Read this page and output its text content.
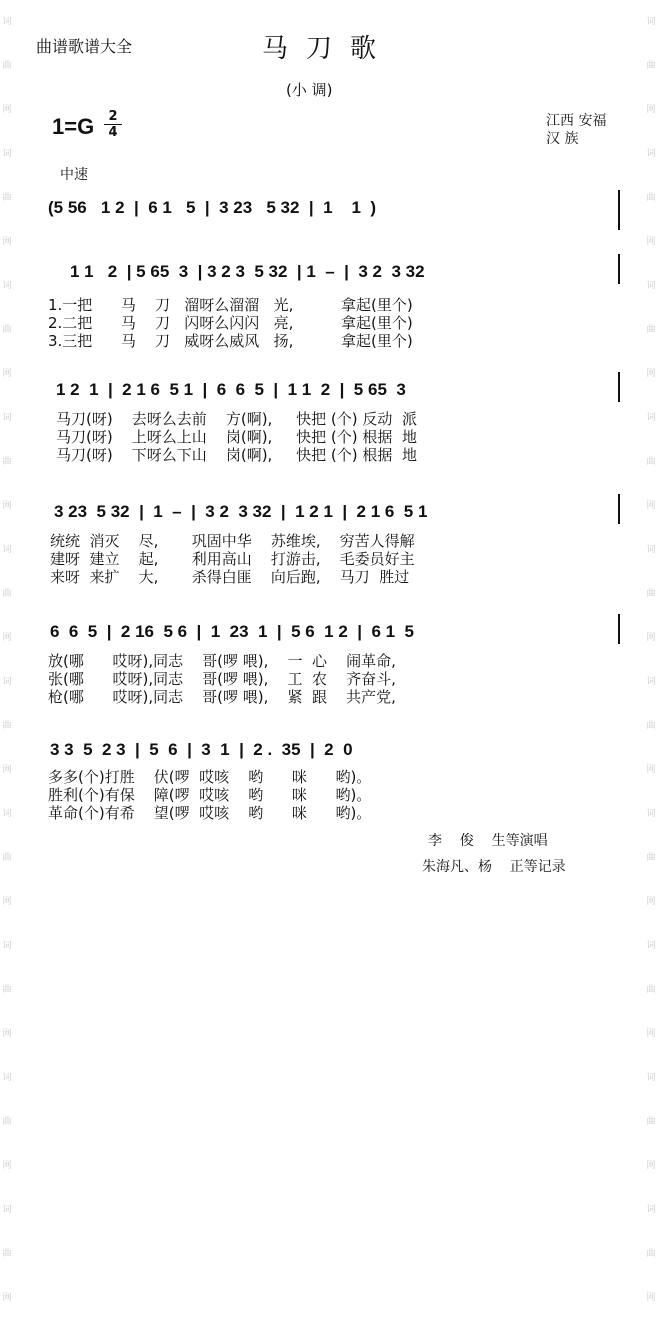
词曲网词曲网词曲网词曲网词曲网词曲网词曲网词曲网词曲网词曲网
词曲网词曲网词曲网词曲网词曲网词曲网词曲网词曲网词曲网词曲网
曲谱歌谱大全	马刀歌
(小 调)
1=G	2
4
江西 安福
汉 族
中速
(5 56   1 2  |  6 1   5  |  3 23   5 32  |  1    1  )
1 1   2  | 5 65  3  | 3 2 3  5 32  | 1  –  |  3 2  3 32
1.一把      马    刀   溜呀么溜溜   光,          拿起(里个)
2.二把      马    刀   闪呀么闪闪   亮,          拿起(里个)
3.三把      马    刀   威呀么威风   扬,          拿起(里个)
1 2  1  |  2 1 6  5 1  |  6  6  5  |  1 1  2  |  5 65  3
马刀(呀)    去呀么去前    方(啊),     快把 (个) 反动  派
马刀(呀)    上呀么上山    岗(啊),     快把 (个) 根据  地
马刀(呀)    下呀么下山    岗(啊),     快把 (个) 根据  地
3 23  5 32  |  1  –  |  3 2  3 32  |  1 2 1  |  2 1 6  5 1
统统  消灭    尽,       巩固中华    苏维埃,    穷苦人得解
建呀  建立    起,       利用高山    打游击,    毛委员好主
来呀  来扩    大,       杀得白匪    向后跑,    马刀  胜过
6  6  5  |  2 16  5 6  |  1  23  1  |  5 6  1 2  |  6 1  5
放(哪      哎呀),同志    哥(啰 喂),    一  心    闹革命,
张(哪      哎呀),同志    哥(啰 喂),    工  农    齐奋斗,
枪(哪      哎呀),同志    哥(啰 喂),    紧  跟    共产党,
3 3  5  2 3  |  5  6  |  3  1  |  2 .  35  |  2  0
多多(个)打胜    伏(啰  哎咳    哟      咪      哟)。
胜利(个)有保    障(啰  哎咳    哟      咪      哟)。
革命(个)有希    望(啰  哎咳    哟      咪      哟)。
李    俊    生等演唱
朱海凡、杨    正等记录
